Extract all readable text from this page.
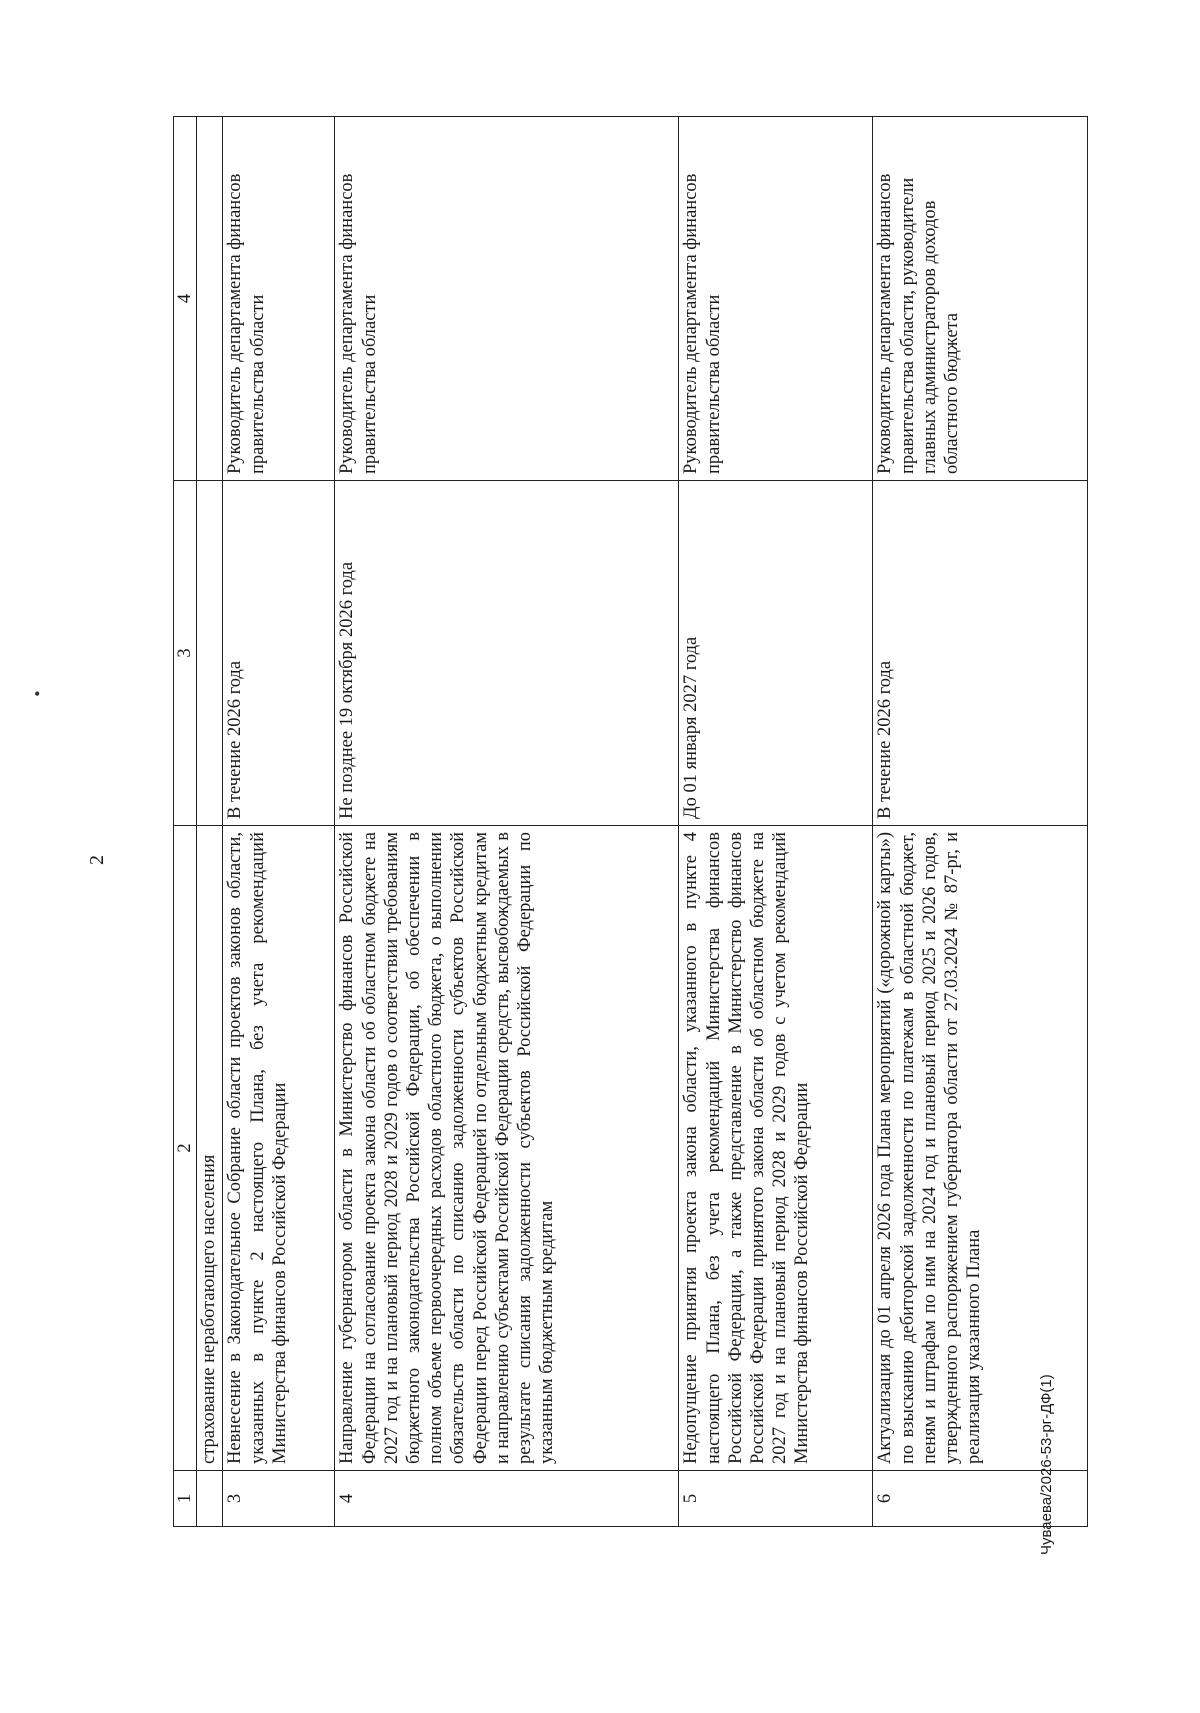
•
2
Чуваева/2026-53-рг-ДФ(1)
1	2	3	4
	страхование неработающего населения		
3	Невнесение в Законодательное Собрание области проектов законов области, указанных в пункте 2 настоящего Плана, без учета рекомендаций Министерства финансов Российской Федерации	В течение 2026 года	Руководитель департамента финансов правительства области
4	Направление губернатором области в Министерство финансов Российской Федерации на согласование проекта закона области об областном бюджете на 2027 год и на плановый период 2028 и 2029 годов о соответствии требованиям бюджетного законодательства Российской Федерации, об обеспечении в полном объеме первоочередных расходов областного бюджета, о выполнении обязательств области по списанию задолженности субъектов Российской Федерации перед Российской Федерацией по отдельным бюджетным кредитам и направлению субъектами Российской Федерации средств, высвобождаемых в результате списания задолженности субъектов Российской Федерации по указанным бюджетным кредитам	Не позднее 19 октября 2026 года	Руководитель департамента финансов правительства области
5	Недопущение принятия проекта закона области, указанного в пункте 4 настоящего Плана, без учета рекомендаций Министерства финансов Российской Федерации, а также представление в Министерство финансов Российской Федерации принятого закона области об областном бюджете на 2027 год и на плановый период 2028 и 2029 годов с учетом рекомендаций Министерства финансов Российской Федерации	До 01 января 2027 года	Руководитель департамента финансов правительства области
6	Актуализация до 01 апреля 2026 года Плана мероприятий («дорожной карты») по взысканию дебиторской задолженности по платежам в областной бюджет, пеням и штрафам по ним на 2024 год и плановый период 2025 и 2026 годов, утвержденного распоряжением губернатора области от 27.03.2024 № 87-рг, и реализация указанного Плана	В течение 2026 года	Руководитель департамента финансов правительства области, руководители главных администраторов доходов областного бюджета
